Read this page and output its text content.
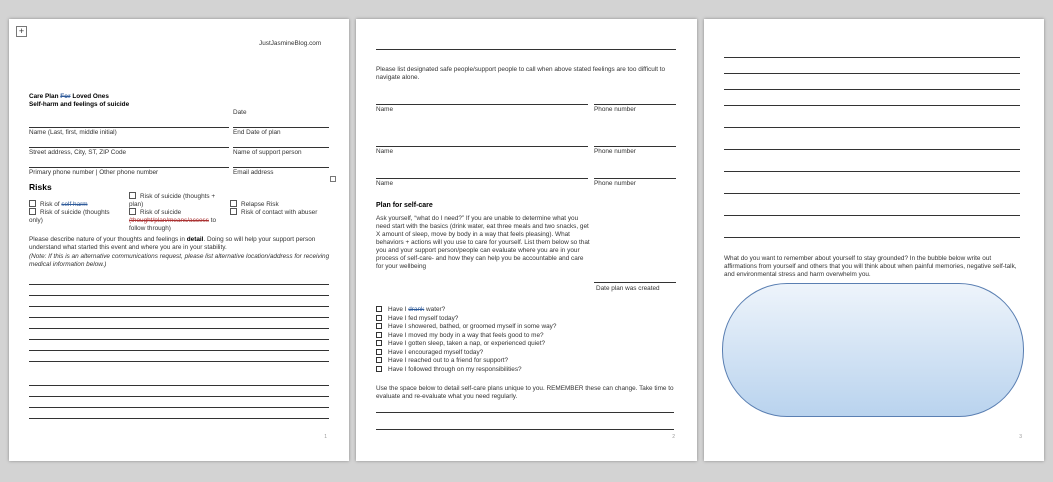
+
JustJasmineBlog.com
Care Plan For Loved Ones
Self-harm and feelings of suicide
Date
Name (Last, first, middle initial)	End Date of plan
Street address, City, ST, ZIP Code	Name of support person
Primary phone number | Other phone number	Email address
Risks
Risk of self harm
Risk of suicide (thoughts only)
Risk of suicide (thoughts + plan)
Risk of suicide (thought/plan/means/access to follow through)
Relapse Risk
Risk of contact with abuser
Please describe nature of your thoughts and feelings in detail. Doing so will help your support person understand what started this event and where you are in your stability.
(Note: If this is an alternative communications request, please list alternative location/address for receiving medical information below.)
1
Please list designated safe people/support people to call when above stated feelings are too difficult to navigate alone.
Name	Phone number
Name	Phone number
Name	Phone number
Plan for self-care
Ask yourself, “what do I need?” If you are unable to determine what you need start with the basics (drink water, eat three meals and two snacks, get X amount of sleep, move by body in a way that feels pleasing). What behaviors + actions will you use to care for yourself. List them below so that you and your support person/people can evaluate where you are in your process of self-care- and how they can help you be accountable and care for your wellbeing
Date plan was created
Have I drank water?
Have I fed myself today?
Have I showered, bathed, or groomed myself in some way?
Have I moved my body in a way that feels good to me?
Have I gotten sleep, taken a nap, or experienced quiet?
Have I encouraged myself today?
Have I reached out to a friend for support?
Have I followed through on my responsibilities?
Use the space below to detail self-care plans unique to you. REMEMBER these can change. Take time to evaluate and re-evaluate what you need regularly.
2
What do you want to remember about yourself to stay grounded? In the bubble below write out affirmations from yourself and others that you will think about when painful memories, negative self-talk, and environmental stress and harm overwhelm you.
3
